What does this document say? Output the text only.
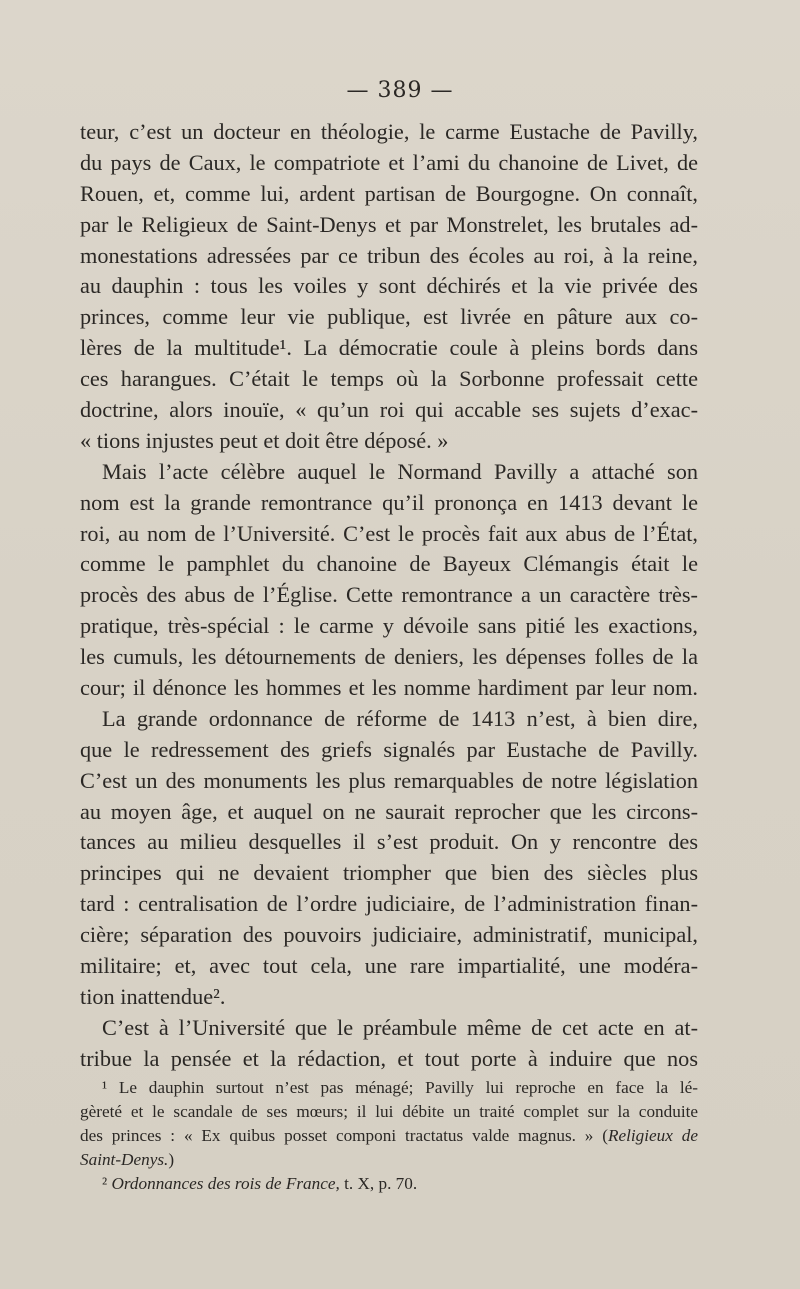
— 389 —
teur, c’est un docteur en théologie, le carme Eustache de Pavilly,
du pays de Caux, le compatriote et l’ami du chanoine de Livet, de
Rouen, et, comme lui, ardent partisan de Bourgogne. On connaît,
par le Religieux de Saint-Denys et par Monstrelet, les brutales ad-
monestations adressées par ce tribun des écoles au roi, à la reine,
au dauphin : tous les voiles y sont déchirés et la vie privée des
princes, comme leur vie publique, est livrée en pâture aux co-
lères de la multitude¹. La démocratie coule à pleins bords dans
ces harangues. C’était le temps où la Sorbonne professait cette
doctrine, alors inouïe, « qu’un roi qui accable ses sujets d’exac-
« tions injustes peut et doit être déposé. »
Mais l’acte célèbre auquel le Normand Pavilly a attaché son
nom est la grande remontrance qu’il prononça en 1413 devant le
roi, au nom de l’Université. C’est le procès fait aux abus de l’État,
comme le pamphlet du chanoine de Bayeux Clémangis était le
procès des abus de l’Église. Cette remontrance a un caractère très-
pratique, très-spécial : le carme y dévoile sans pitié les exactions,
les cumuls, les détournements de deniers, les dépenses folles de la
cour; il dénonce les hommes et les nomme hardiment par leur nom.
La grande ordonnance de réforme de 1413 n’est, à bien dire,
que le redressement des griefs signalés par Eustache de Pavilly.
C’est un des monuments les plus remarquables de notre législation
au moyen âge, et auquel on ne saurait reprocher que les circons-
tances au milieu desquelles il s’est produit. On y rencontre des
principes qui ne devaient triompher que bien des siècles plus
tard : centralisation de l’ordre judiciaire, de l’administration finan-
cière; séparation des pouvoirs judiciaire, administratif, municipal,
militaire; et, avec tout cela, une rare impartialité, une modéra-
tion inattendue².
C’est à l’Université que le préambule même de cet acte en at-
tribue la pensée et la rédaction, et tout porte à induire que nos
¹ Le dauphin surtout n’est pas ménagé; Pavilly lui reproche en face la lé-
gèreté et le scandale de ses mœurs; il lui débite un traité complet sur la conduite
des princes : « Ex quibus posset componi tractatus valde magnus. » (Religieux de
Saint-Denys.)
² Ordonnances des rois de France, t. X, p. 70.
